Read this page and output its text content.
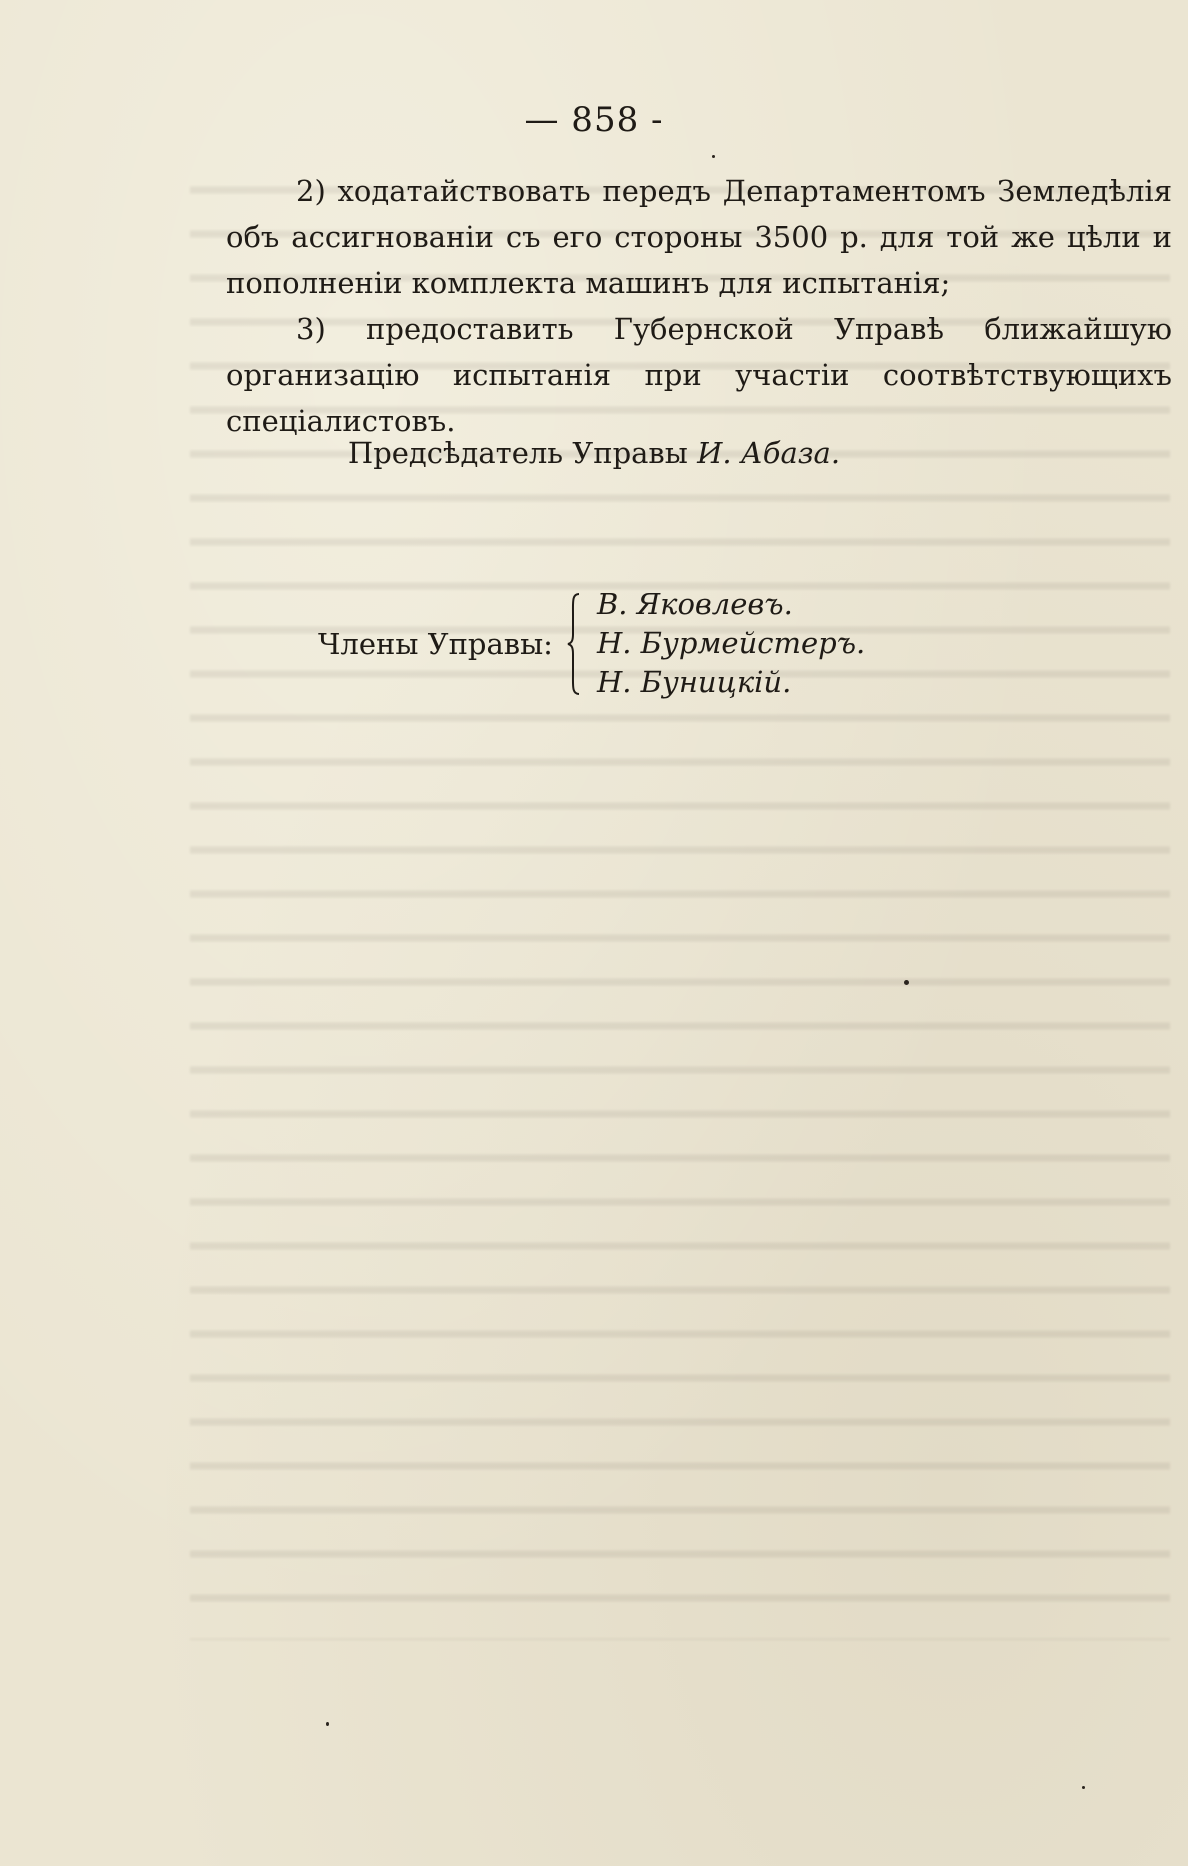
— 858 -

2) ходатайствовать передъ Департаментомъ Земледѣлія объ ассигнованіи съ его стороны 3500 р. для той же цѣли и пополненіи комплекта машинъ для испытанія;

3) предоставить Губернской Управѣ ближайшую организацію испытанія при участіи соотвѣтствующихъ спеціалистовъ.

Предсѣдатель Управы И. Абаза.
Члены Управы:
В. Яковлевъ.
Н. Бурмейстеръ.
Н. Буницкій.
